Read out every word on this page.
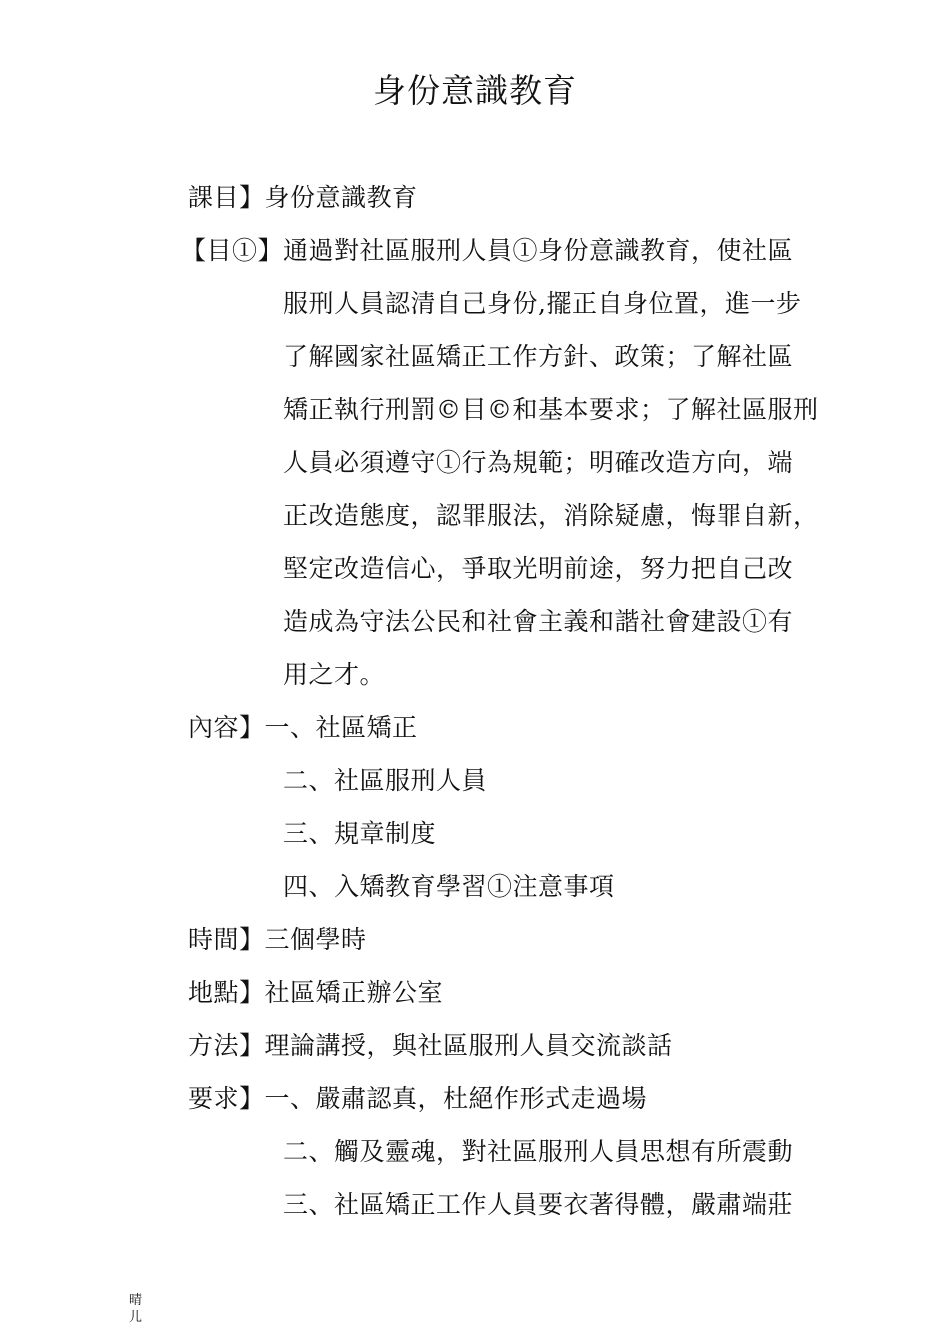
身份意識教育
課目】身份意識教育
【目①】通過對社區服刑人員①身份意識教育，使社區
服刑人員認清自己身份,擺正自身位置，進一步
了解國家社區矯正工作方針、政策；了解社區
矯正執行刑罰©目©和基本要求；了解社區服刑
人員必須遵守①行為規範；明確改造方向，端
正改造態度，認罪服法，消除疑慮，悔罪自新，
堅定改造信心，爭取光明前途，努力把自己改
造成為守法公民和社會主義和諧社會建設①有
用之才。
內容】一、社區矯正
二、社區服刑人員
三、規章制度
四、入矯教育學習①注意事項
時間】三個學時
地點】社區矯正辦公室
方法】理論講授，與社區服刑人員交流談話
要求】一、嚴肅認真，杜絕作形式走過場
二、觸及靈魂，對社區服刑人員思想有所震動
三、社區矯正工作人員要衣著得體，嚴肅端莊
晴儿
